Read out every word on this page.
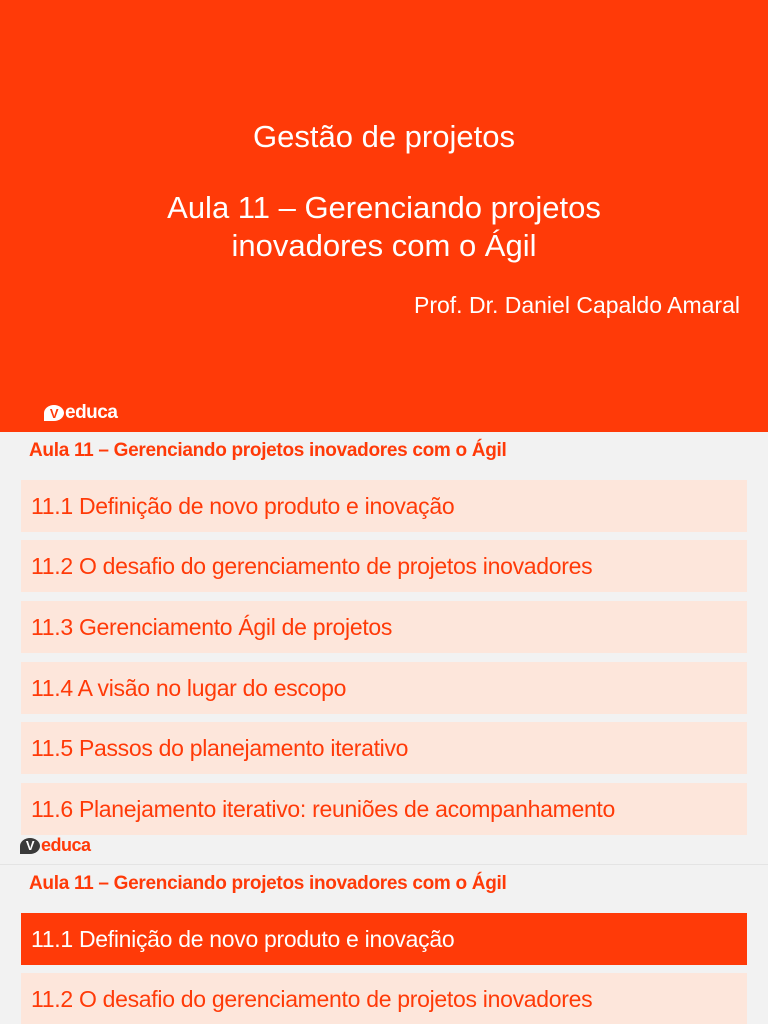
Gestão de projetos
Aula 11 – Gerenciando projetos
inovadores com o Ágil
Prof. Dr. Daniel Capaldo Amaral
V educa
Aula 11 – Gerenciando projetos inovadores com o Ágil
11.1 Definição de novo produto e inovação
11.2 O desafio do gerenciamento de projetos inovadores
11.3 Gerenciamento Ágil de projetos
11.4 A visão no lugar do escopo
11.5 Passos do planejamento iterativo
11.6 Planejamento iterativo: reuniões de acompanhamento
V educa
Aula 11 – Gerenciando projetos inovadores com o Ágil
11.1 Definição de novo produto e inovação
11.2 O desafio do gerenciamento de projetos inovadores
